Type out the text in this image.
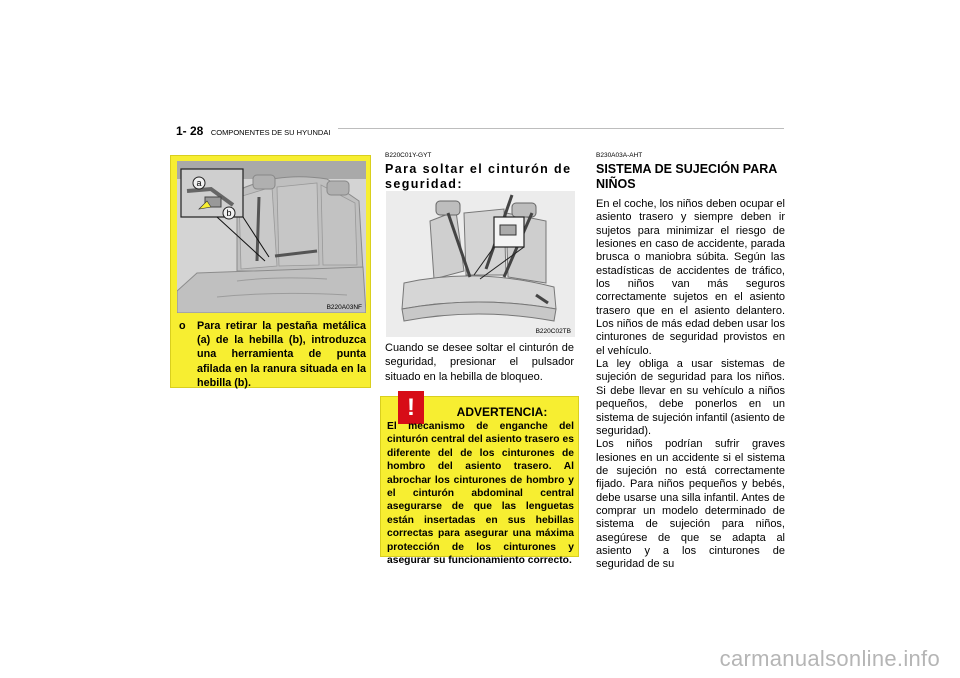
1- 28 COMPONENTES DE SU HYUNDAI
a
b
B220A03NF
o Para retirar la pestaña metálica (a) de la hebilla (b), introduzca una herramienta de punta afilada en la ranura situada en la hebilla (b).
B220C01Y-GYT
Para soltar el cinturón de seguridad:
B220C02TB

Cuando se desee soltar el cinturón de seguridad, presionar el pulsador situado en la hebilla de bloqueo.

!	ADVERTENCIA:

El mecanismo de enganche del cinturón central del asiento trasero es diferente del de los cinturones de hombro del asiento trasero. Al abrochar los cinturones de hombro y el cinturón abdominal central asegurarse de que las lenguetas están insertadas en sus hebillas correctas para asegurar una máxima protección de los cinturones y asegurar su funcionamiento correcto.

B230A03A-AHT
SISTEMA DE SUJECIÓN PARA NIÑOS

En el coche, los niños deben ocupar el asiento trasero y siempre deben ir sujetos para minimizar el riesgo de lesiones en caso de accidente, parada brusca o maniobra súbita. Según las estadísticas de accidentes de tráfico, los niños van más seguros correctamente sujetos en el asiento trasero que en el asiento delantero. Los niños de más edad deben usar los cinturones de seguridad provistos en el vehículo.
La ley obliga a usar sistemas de sujeción de seguridad para los niños. Si debe llevar en su vehículo a niños pequeños, debe ponerlos en un sistema de sujeción infantil (asiento de seguridad).
Los niños podrían sufrir graves lesiones en un accidente si el sistema de sujeción no está correctamente fijado. Para niños pequeños y bebés, debe usarse una silla infantil. Antes de comprar un modelo determinado de sistema de sujeción para niños, asegúrese de que se adapta al asiento y a los cinturones de seguridad de su

carmanualsonline.info
